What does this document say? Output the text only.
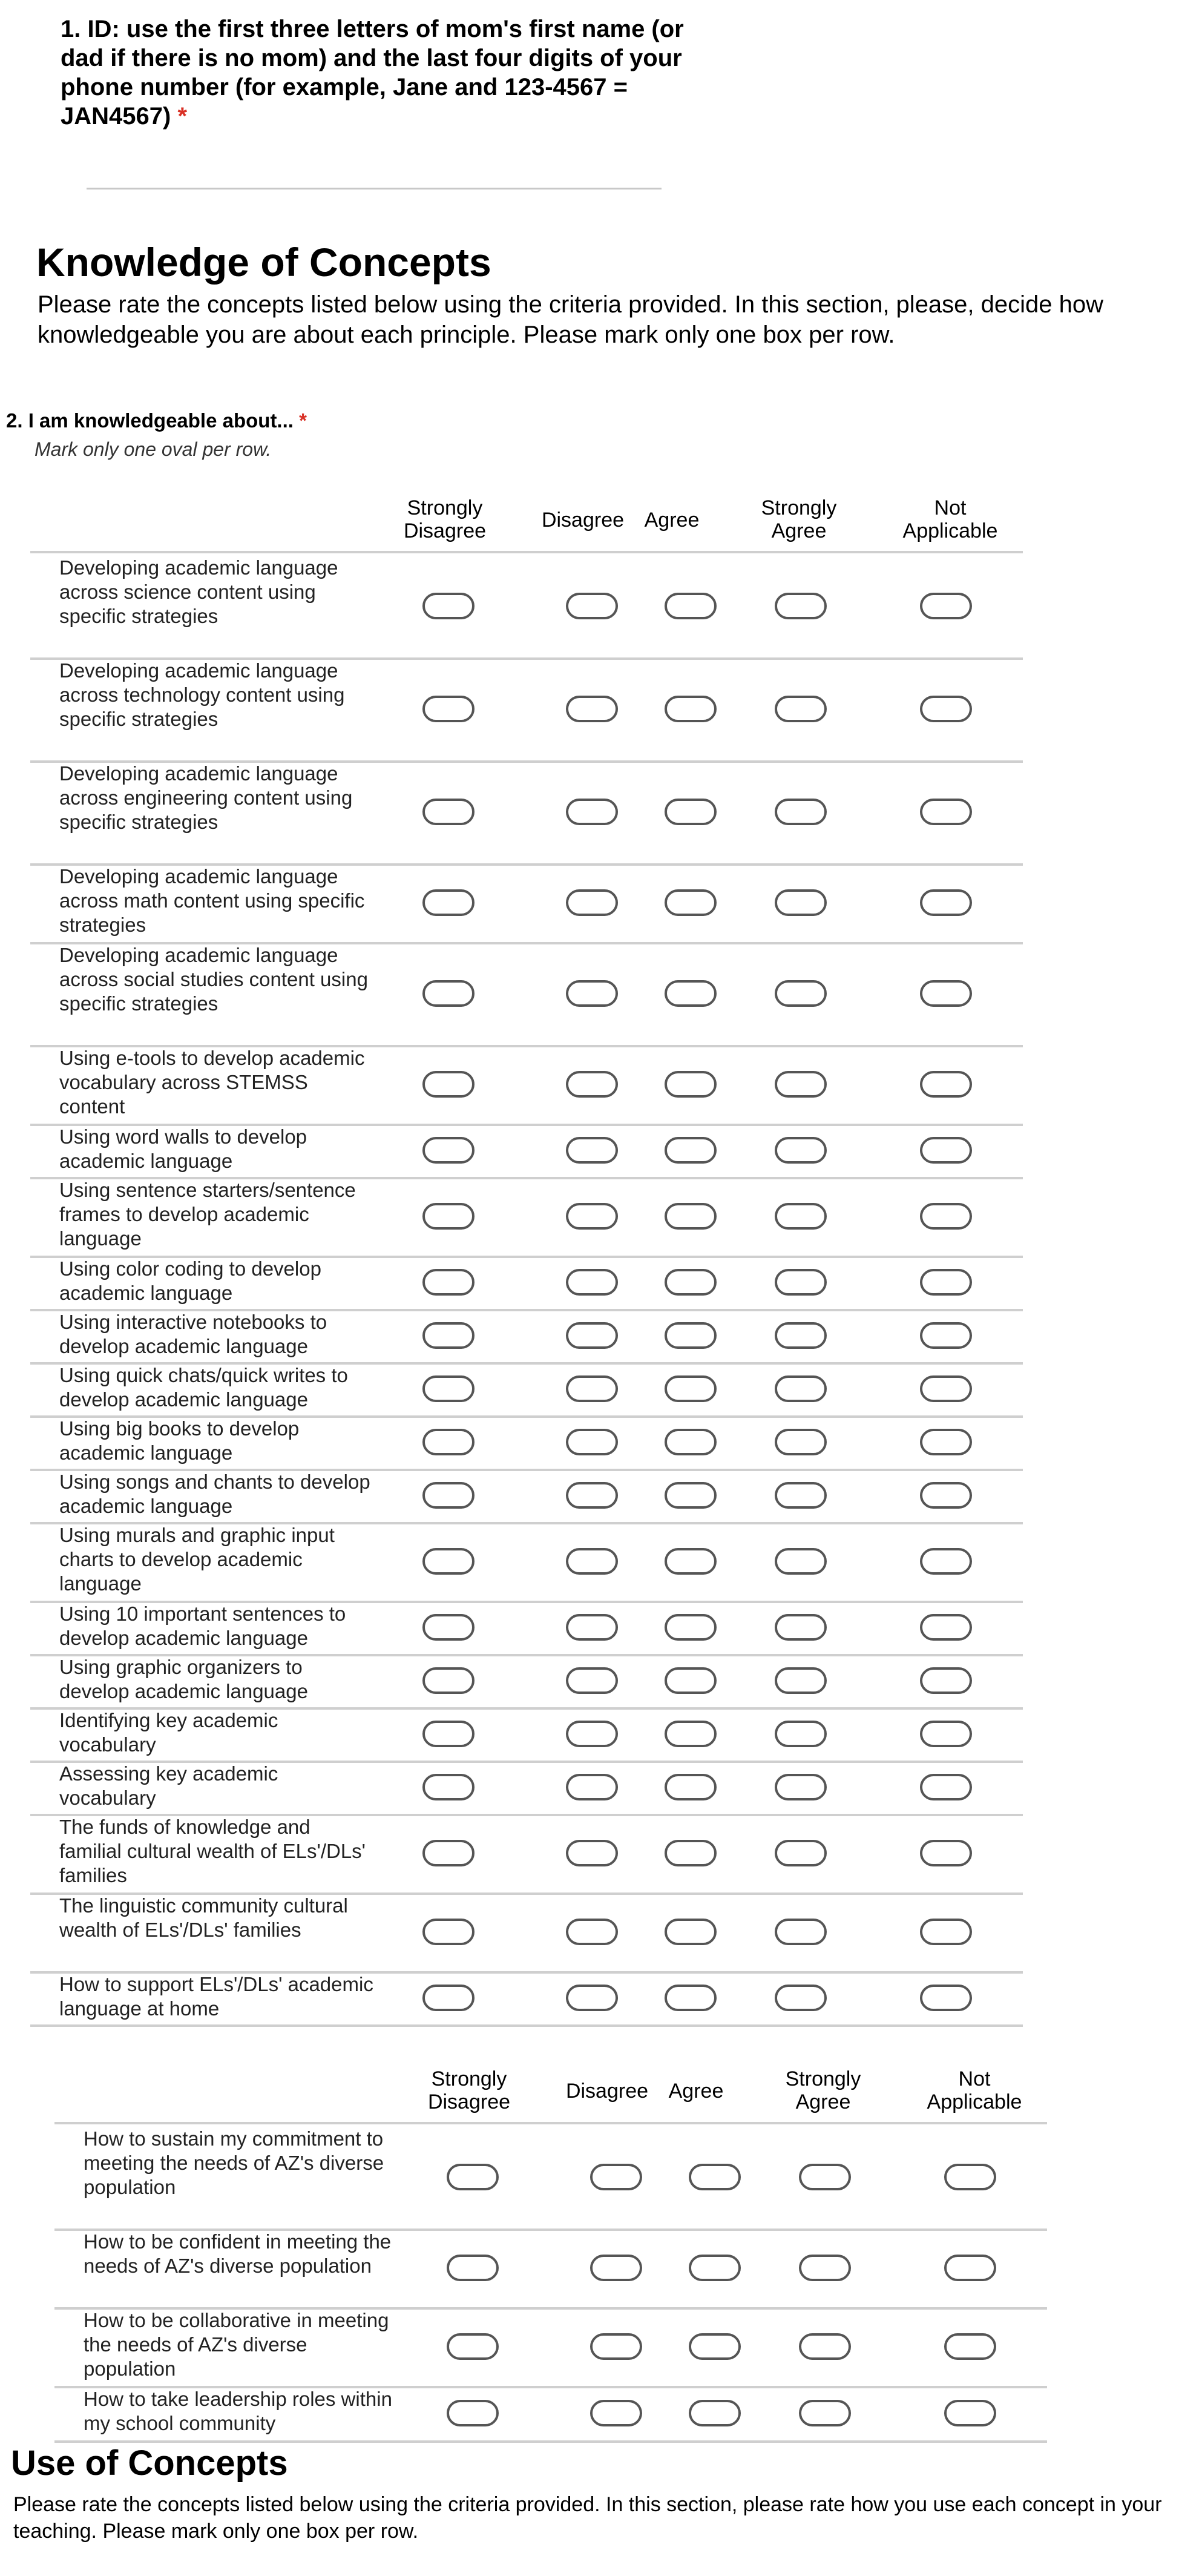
1. ID: use the first three letters of mom's first name (or dad if there is no mom) and the last four digits of your phone number (for example, Jane and 123-4567 = JAN4567) *
Knowledge of Concepts
Please rate the concepts listed below using the criteria provided. In this section, please, decide how knowledgeable you are about each principle. Please mark only one box per row.
2. I am knowledgeable about... *
Mark only one oval per row.
Strongly Disagree	Disagree Agree
Strongly Agree
Not Applicable
Developing academic language across science content using specific strategies
Developing academic language across technology content using specific strategies
Developing academic language across engineering content using specific strategies
Developing academic language across math content using specific strategies
Developing academic language across social studies content using specific strategies
Using e-tools to develop academic vocabulary across STEMSS content
Using word walls to develop academic language
Using sentence starters/sentence frames to develop academic language
Using color coding to develop academic language
Using interactive notebooks to develop academic language
Using quick chats/quick writes to develop academic language
Using big books to develop academic language
Using songs and chants to develop academic language
Using murals and graphic input charts to develop academic language
Using 10 important sentences to develop academic language
Using graphic organizers to develop academic language
Identifying key academic vocabulary
Assessing key academic vocabulary
The funds of knowledge and familial cultural wealth of ELs'/DLs' families
The linguistic community cultural wealth of ELs'/DLs' families
How to support ELs'/DLs' academic language at home
Strongly Disagree	Disagree Agree
Strongly Agree
Not Applicable
How to sustain my commitment to meeting the needs of AZ's diverse population
How to be confident in meeting the needs of AZ's diverse population
How to be collaborative in meeting the needs of AZ's diverse population
How to take leadership roles within my school community
Use of Concepts
Please rate the concepts listed below using the criteria provided. In this section, please rate how you use each concept in your teaching. Please mark only one box per row.
